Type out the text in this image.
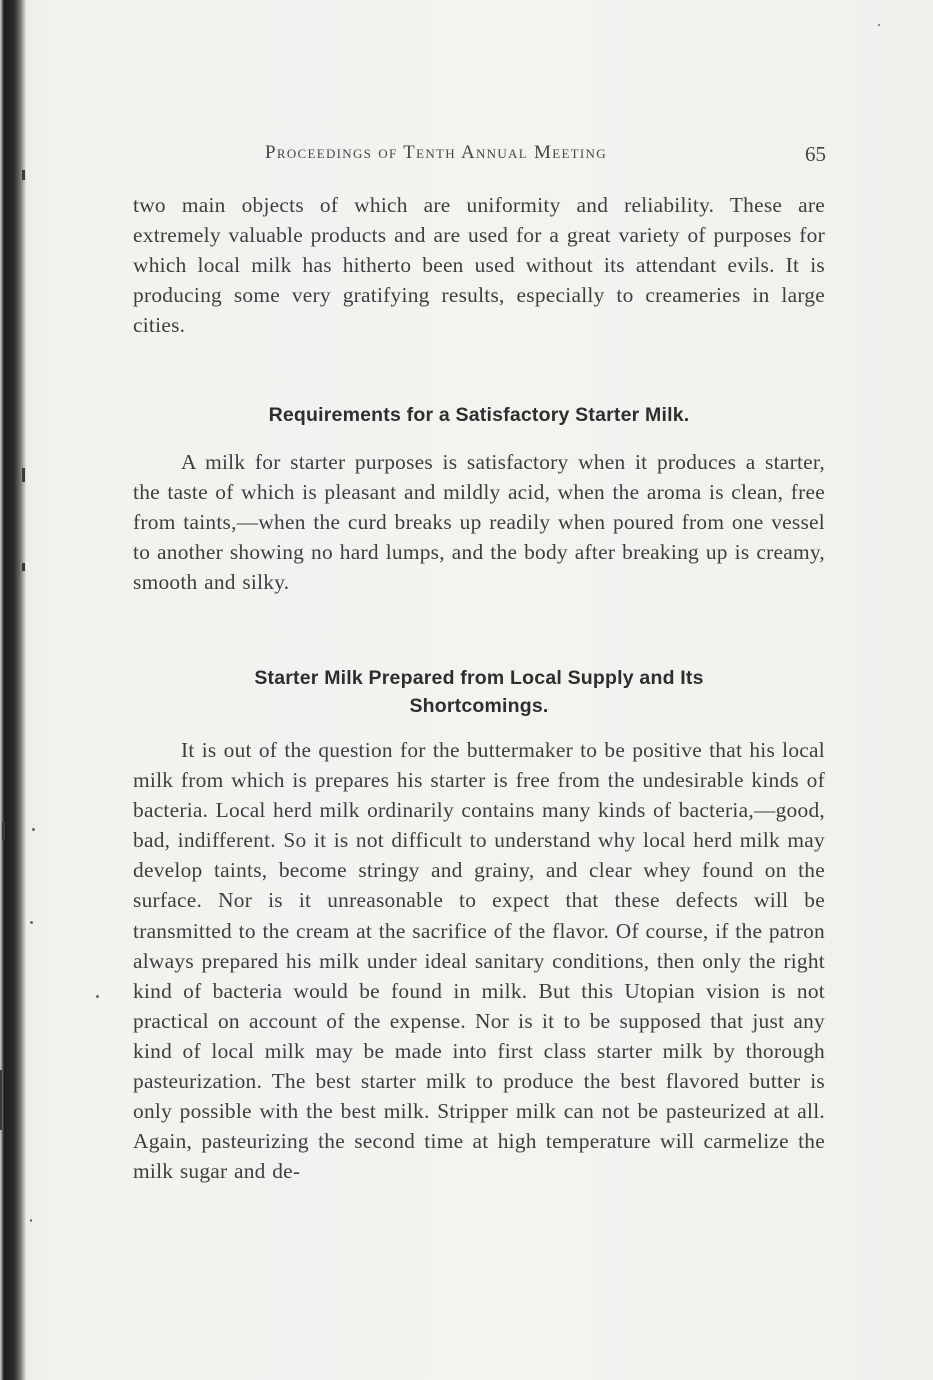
Proceedings of Tenth Annual Meeting	65

two main objects of which are uniformity and reliability. These are extremely valuable products and are used for a great variety of purposes for which local milk has hitherto been used without its attendant evils. It is producing some very gratifying results, especially to creameries in large cities.

Requirements for a Satisfactory Starter Milk.

A milk for starter purposes is satisfactory when it produces a starter, the taste of which is pleasant and mildly acid, when the aroma is clean, free from taints,—when the curd breaks up readily when poured from one vessel to another showing no hard lumps, and the body after breaking up is creamy, smooth and silky.

Starter Milk Prepared from Local Supply and Its
Shortcomings.

It is out of the question for the buttermaker to be positive that his local milk from which is prepares his starter is free from the undesirable kinds of bacteria. Local herd milk ordinarily contains many kinds of bacteria,—good, bad, indifferent. So it is not difficult to understand why local herd milk may develop taints, become stringy and grainy, and clear whey found on the surface. Nor is it unreasonable to expect that these defects will be transmitted to the cream at the sacrifice of the flavor. Of course, if the patron always prepared his milk under ideal sanitary conditions, then only the right kind of bacteria would be found in milk. But this Utopian vision is not practical on account of the expense. Nor is it to be supposed that just any kind of local milk may be made into first class starter milk by thorough pasteurization. The best starter milk to produce the best flavored butter is only possible with the best milk. Stripper milk can not be pasteurized at all. Again, pasteurizing the second time at high temperature will carmelize the milk sugar and de-
